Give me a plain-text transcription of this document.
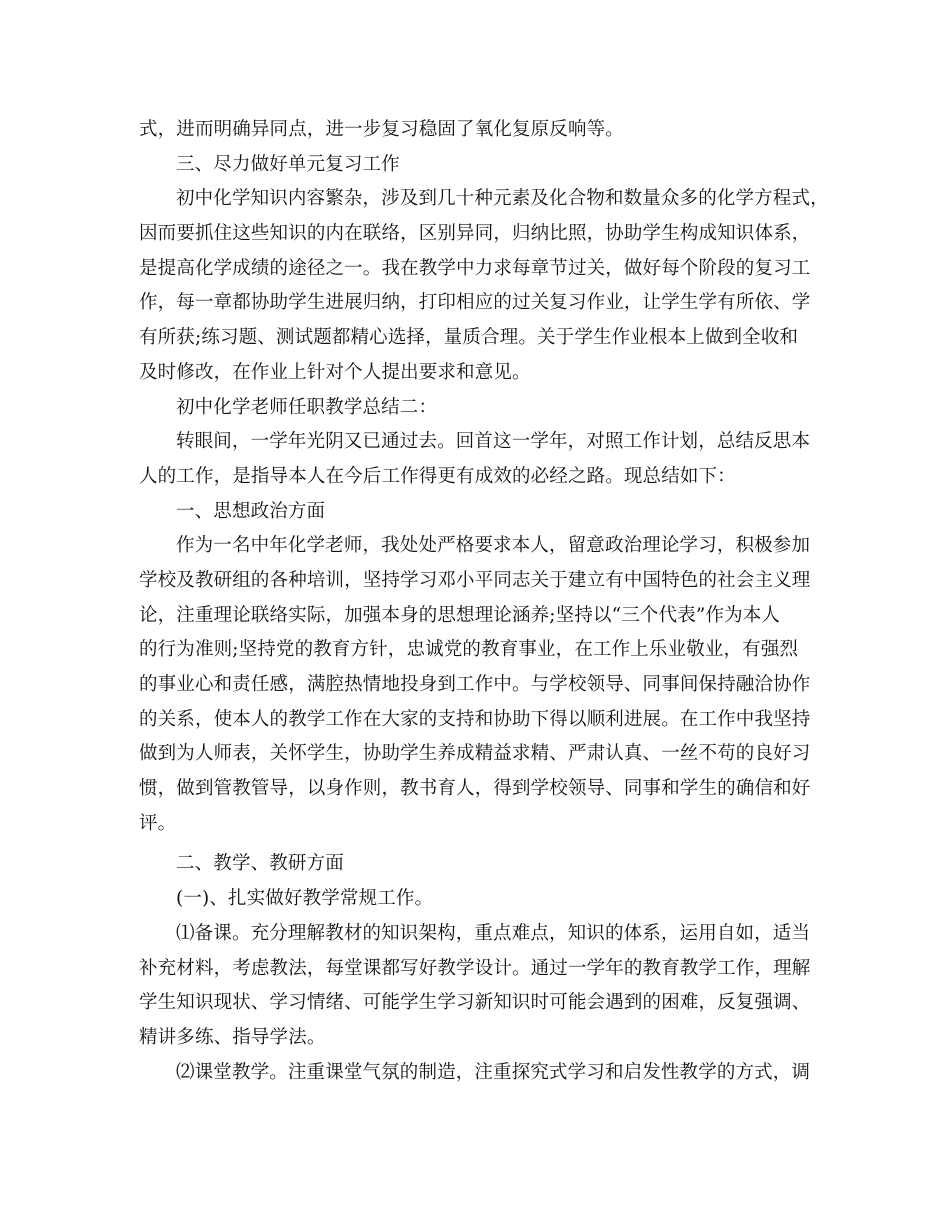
式，进而明确异同点，进一步复习稳固了氧化复原反响等。
三、尽力做好单元复习工作
初中化学知识内容繁杂，涉及到几十种元素及化合物和数量众多的化学方程式，
因而要抓住这些知识的内在联络，区别异同，归纳比照，协助学生构成知识体系，
是提高化学成绩的途径之一。我在教学中力求每章节过关，做好每个阶段的复习工
作，每一章都协助学生进展归纳，打印相应的过关复习作业，让学生学有所依、学
有所获;练习题、测试题都精心选择，量质合理。关于学生作业根本上做到全收和
及时修改，在作业上针对个人提出要求和意见。
初中化学老师任职教学总结二：
转眼间，一学年光阴又已通过去。回首这一学年，对照工作计划，总结反思本
人的工作，是指导本人在今后工作得更有成效的必经之路。现总结如下：
一、思想政治方面
作为一名中年化学老师，我处处严格要求本人，留意政治理论学习，积极参加
学校及教研组的各种培训，坚持学习邓小平同志关于建立有中国特色的社会主义理
论，注重理论联络实际，加强本身的思想理论涵养;坚持以“三个代表”作为本人
的行为准则;坚持党的教育方针，忠诚党的教育事业，在工作上乐业敬业，有强烈
的事业心和责任感，满腔热情地投身到工作中。与学校领导、同事间保持融洽协作
的关系，使本人的教学工作在大家的支持和协助下得以顺利进展。在工作中我坚持
做到为人师表，关怀学生，协助学生养成精益求精、严肃认真、一丝不苟的良好习
惯，做到管教管导，以身作则，教书育人，得到学校领导、同事和学生的确信和好
评。
二、教学、教研方面
(一)、扎实做好教学常规工作。
⑴备课。充分理解教材的知识架构，重点难点，知识的体系，运用自如，适当
补充材料，考虑教法，每堂课都写好教学设计。通过一学年的教育教学工作，理解
学生知识现状、学习情绪、可能学生学习新知识时可能会遇到的困难，反复强调、
精讲多练、指导学法。
⑵课堂教学。注重课堂气氛的制造，注重探究式学习和启发性教学的方式，调
